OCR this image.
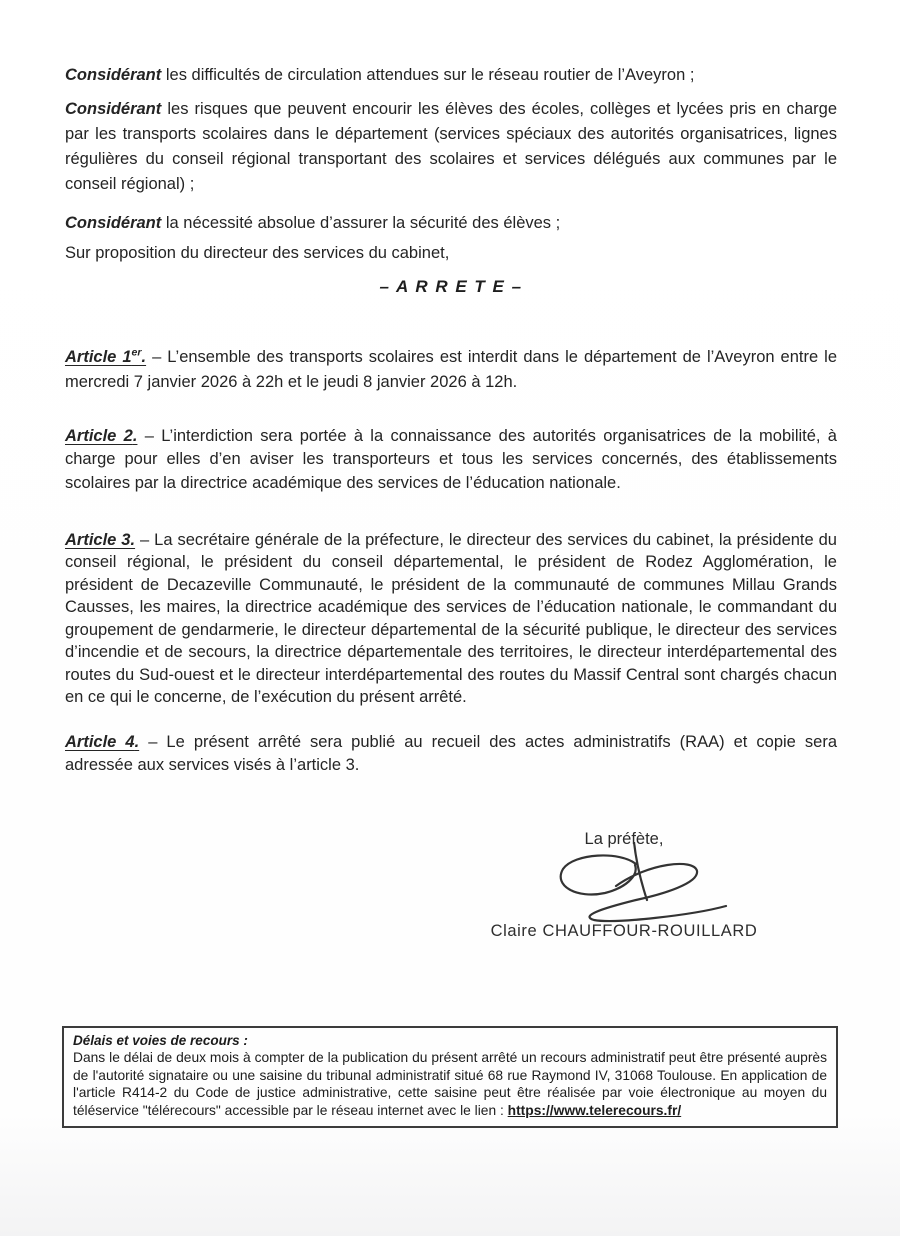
Considérant les difficultés de circulation attendues sur le réseau routier de l’Aveyron ;

Considérant les risques que peuvent encourir les élèves des écoles, collèges et lycées pris en charge par les transports scolaires dans le département (services spéciaux des autorités organisatrices, lignes régulières du conseil régional transportant des scolaires et services délégués aux communes par le conseil régional) ;

Considérant la nécessité absolue d’assurer la sécurité des élèves ;

Sur proposition du directeur des services du cabinet,

– A R R E T E –

Article 1er. – L’ensemble des transports scolaires est interdit dans le département de l’Aveyron entre le mercredi 7 janvier 2026 à 22h et le jeudi 8 janvier 2026 à 12h.

Article 2. – L’interdiction sera portée à la connaissance des autorités organisatrices de la mobilité, à charge pour elles d’en aviser les transporteurs et tous les services concernés, des établissements scolaires par la directrice académique des services de l’éducation nationale.

Article 3. – La secrétaire générale de la préfecture, le directeur des services du cabinet, la présidente du conseil régional, le président du conseil départemental, le président de Rodez Agglomération, le président de Decazeville Communauté, le président de la communauté de communes Millau Grands Causses, les maires, la directrice académique des services de l’éducation nationale, le commandant du groupement de gendarmerie, le directeur départemental de la sécurité publique, le directeur des services d’incendie et de secours, la directrice départementale des territoires, le directeur interdépartemental des routes du Sud-ouest et le directeur interdépartemental des routes du Massif Central sont chargés chacun en ce qui le concerne, de l’exécution du présent arrêté.

Article 4. – Le présent arrêté sera publié au recueil des actes administratifs (RAA) et copie sera adressée aux services visés à l’article 3.

La préfète,
Claire CHAUFFOUR-ROUILLARD
Délais et voies de recours :
Dans le délai de deux mois à compter de la publication du présent arrêté un recours administratif peut être présenté auprès de l'autorité signataire ou une saisine du tribunal administratif situé 68 rue Raymond IV, 31068 Toulouse. En application de l'article R414-2 du Code de justice administrative, cette saisine peut être réalisée par voie électronique au moyen du téléservice "télérecours" accessible par le réseau internet avec le lien : https://www.telerecours.fr/
